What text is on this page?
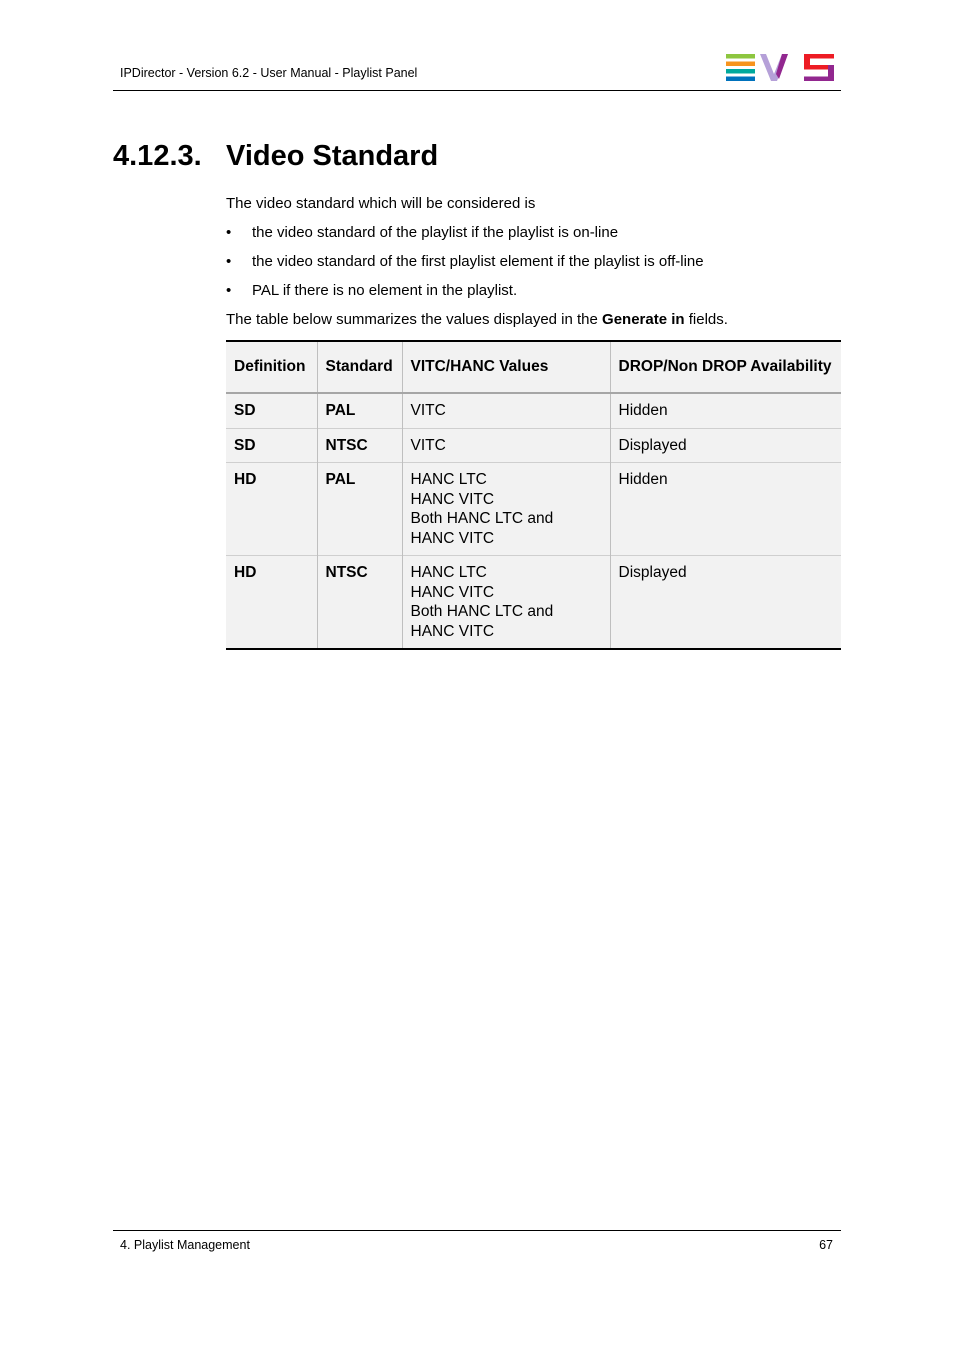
IPDirector - Version 6.2 - User Manual - Playlist Panel
4.12.3. Video Standard

The video standard which will be considered is

• the video standard of the playlist if the playlist is on-line
• the video standard of the first playlist element if the playlist is off-line
• PAL if there is no element in the playlist.

The table below summarizes the values displayed in the Generate in fields.

Definition	Standard	VITC/HANC Values	DROP/Non DROP Availability
SD	PAL	VITC	Hidden
SD	NTSC	VITC	Displayed
HD	PAL	HANC LTC
HANC VITC
Both HANC LTC and
HANC VITC	Hidden
HD	NTSC	HANC LTC
HANC VITC
Both HANC LTC and
HANC VITC	Displayed
4. Playlist Management	67
